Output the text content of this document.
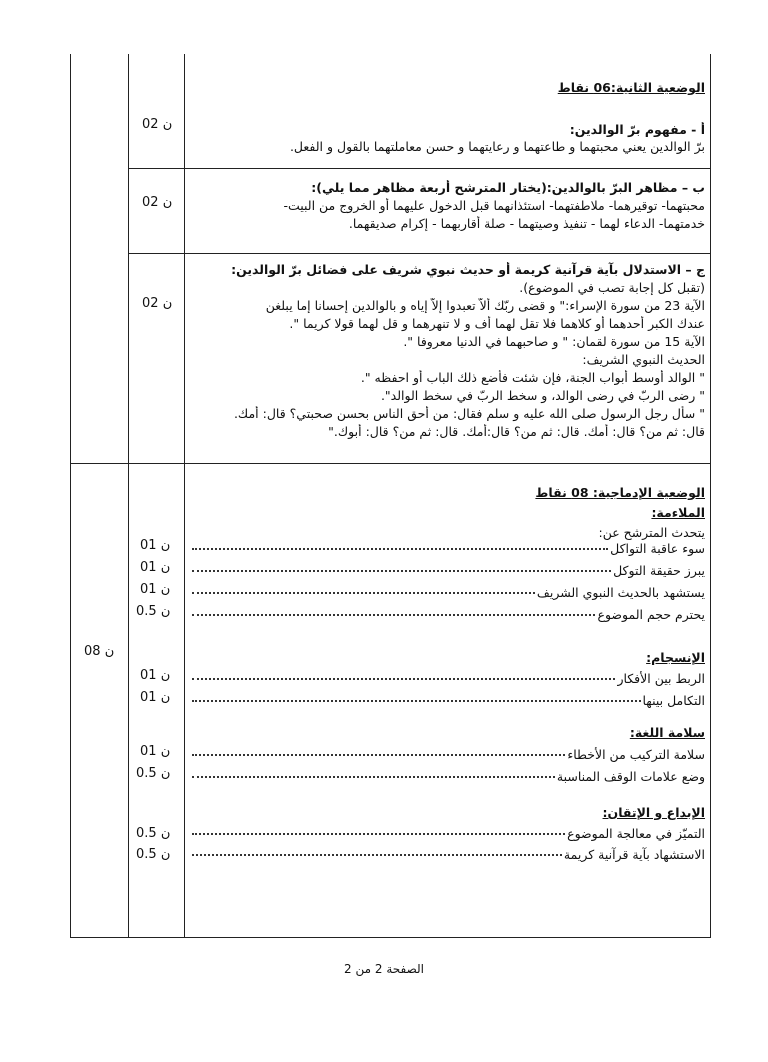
الوضعية الثانية:06 نقاط
أ - مفهوم برّ الوالدين:
برّ الوالدين يعني محبتهما و طاعتهما و رعايتهما و حسن معاملتهما بالقول و الفعل.
02 ن
ب – مظاهر البرّ بالوالدين:(يختار المترشح أربعة مظاهر مما يلي):
محبتهما- توقيرهما- ملاطفتهما- استئذانهما قبل الدخول عليهما أو الخروج من البيت-
خدمتهما- الدعاء لهما - تنفيذ وصيتهما - صلة أقاربهما - إكرام صديقهما.
02 ن
ج – الاستدلال بآية قرآنية كريمة أو حديث نبوي شريف على فضائل برّ الوالدين:
(تقبل كل إجابة تصب في الموضوع).
الآية 23 من سورة الإسراء:" و قضى ربّك ألاّ تعبدوا إلاّ إياه و بالوالدين إحسانا إما يبلغن
عندك الكبر أحدهما أو كلاهما فلا تقل لهما أف و لا تنهرهما و قل لهما قولا كريما ".
الآية 15 من سورة لقمان: " و صاحبهما في الدنيا معروفا ".
الحديث النبوي الشريف:
" الوالد أوسط أبواب الجنة، فإن شئت فأضع ذلك الباب أو احفظه ".
" رضى الربّ في رضى الوالد، و سخط الربّ في سخط الوالد".
" سأل رجل الرسول صلى الله عليه و سلم فقال: من أحق الناس بحسن صحبتي؟ قال: أمك.
قال: ثم من؟ قال: أمك. قال: ثم من؟ قال:أمك. قال: ثم من؟ قال: أبوك."
02 ن
الوضعية الإدماجية: 08 نقاط
08 ن
الملاءمة:
يتحدث المترشح عن:
سوء عاقبة التواكل
01 ن
يبرز حقيقة التوكل
01 ن
يستشهد بالحديث النبوي الشريف
01 ن
يحترم حجم الموضوع
0.5 ن
الإنسجام:
الربط بين الأفكار
01 ن
التكامل بينها
01 ن
سلامة اللغة:
سلامة التركيب من الأخطاء
01 ن
وضع علامات الوقف المناسبة
0.5 ن
الإبداع و الإتقان:
التميّز في معالجة الموضوع
0.5 ن
الاستشهاد بآية قرآنية كريمة
0.5 ن
الصفحة 2 من 2
